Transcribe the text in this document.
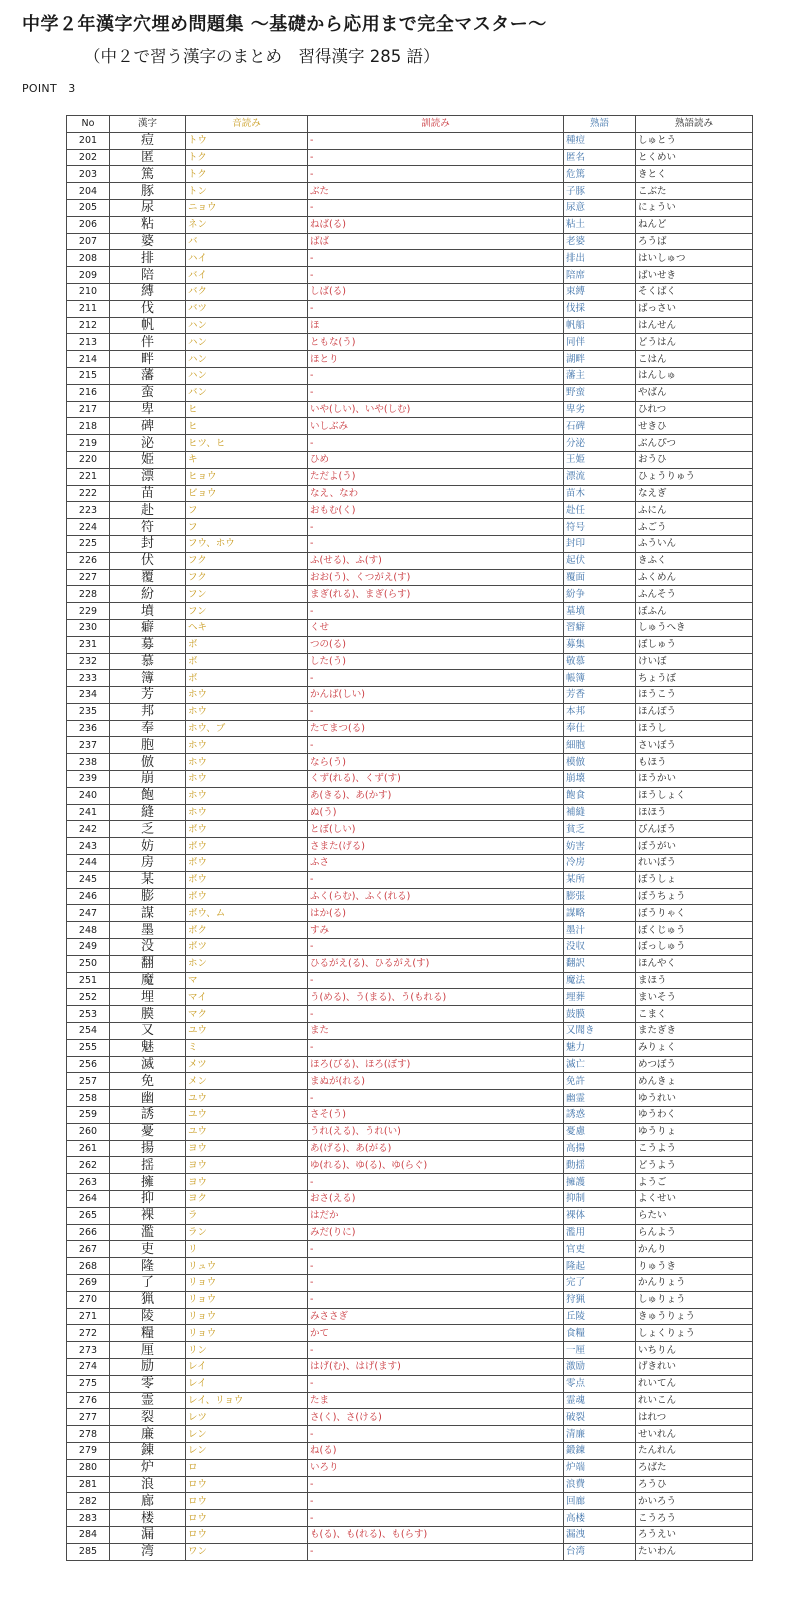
中学２年漢字穴埋め問題集 〜基礎から応用まで完全マスター〜
（中２で習う漢字のまとめ　習得漢字 285 語）
POINT　3
No	漢字	音読み	訓読み	熟語	熟語読み
201	痘	トウ	-	種痘	しゅとう
202	匿	トク	-	匿名	とくめい
203	篤	トク	-	危篤	きとく
204	豚	トン	ぶた	子豚	こぶた
205	尿	ニョウ	-	尿意	にょうい
206	粘	ネン	ねば(る)	粘土	ねんど
207	婆	バ	ばば	老婆	ろうば
208	排	ハイ	-	排出	はいしゅつ
209	陪	バイ	-	陪席	ばいせき
210	縛	バク	しば(る)	束縛	そくばく
211	伐	バツ	-	伐採	ばっさい
212	帆	ハン	ほ	帆船	はんせん
213	伴	ハン	ともな(う)	同伴	どうはん
214	畔	ハン	ほとり	湖畔	こはん
215	藩	ハン	-	藩主	はんしゅ
216	蛮	バン	-	野蛮	やばん
217	卑	ヒ	いや(しい)、いや(しむ)	卑劣	ひれつ
218	碑	ヒ	いしぶみ	石碑	せきひ
219	泌	ヒツ、ヒ	-	分泌	ぶんぴつ
220	姫	キ	ひめ	王姫	おうひ
221	漂	ヒョウ	ただよ(う)	漂流	ひょうりゅう
222	苗	ビョウ	なえ、なわ	苗木	なえぎ
223	赴	フ	おもむ(く)	赴任	ふにん
224	符	フ	-	符号	ふごう
225	封	フウ、ホウ	-	封印	ふういん
226	伏	フク	ふ(せる)、ふ(す)	起伏	きふく
227	覆	フク	おお(う)、くつがえ(す)	覆面	ふくめん
228	紛	フン	まぎ(れる)、まぎ(らす)	紛争	ふんそう
229	墳	フン	-	墓墳	ぼふん
230	癖	ヘキ	くせ	習癖	しゅうへき
231	募	ボ	つの(る)	募集	ぼしゅう
232	慕	ボ	した(う)	敬慕	けいぼ
233	簿	ボ	-	帳簿	ちょうぼ
234	芳	ホウ	かんば(しい)	芳香	ほうこう
235	邦	ホウ	-	本邦	ほんぽう
236	奉	ホウ、ブ	たてまつ(る)	奉仕	ほうし
237	胞	ホウ	-	細胞	さいぼう
238	倣	ホウ	なら(う)	模倣	もほう
239	崩	ホウ	くず(れる)、くず(す)	崩壊	ほうかい
240	飽	ホウ	あ(きる)、あ(かす)	飽食	ほうしょく
241	縫	ホウ	ぬ(う)	補縫	ほほう
242	乏	ボウ	とぼ(しい)	貧乏	びんぼう
243	妨	ボウ	さまた(げる)	妨害	ぼうがい
244	房	ボウ	ふさ	冷房	れいぼう
245	某	ボウ	-	某所	ぼうしょ
246	膨	ボウ	ふく(らむ)、ふく(れる)	膨張	ぼうちょう
247	謀	ボウ、ム	はか(る)	謀略	ぼうりゃく
248	墨	ボク	すみ	墨汁	ぼくじゅう
249	没	ボツ	-	没収	ぼっしゅう
250	翻	ホン	ひるがえ(る)、ひるがえ(す)	翻訳	ほんやく
251	魔	マ	-	魔法	まほう
252	埋	マイ	う(める)、う(まる)、う(もれる)	埋葬	まいそう
253	膜	マク	-	鼓膜	こまく
254	又	ユウ	また	又聞き	またぎき
255	魅	ミ	-	魅力	みりょく
256	滅	メツ	ほろ(びる)、ほろ(ぼす)	滅亡	めつぼう
257	免	メン	まぬが(れる)	免許	めんきょ
258	幽	ユウ	-	幽霊	ゆうれい
259	誘	ユウ	さそ(う)	誘惑	ゆうわく
260	憂	ユウ	うれ(える)、うれ(い)	憂慮	ゆうりょ
261	揚	ヨウ	あ(げる)、あ(がる)	高揚	こうよう
262	揺	ヨウ	ゆ(れる)、ゆ(る)、ゆ(らぐ)	動揺	どうよう
263	擁	ヨウ	-	擁護	ようご
264	抑	ヨク	おさ(える)	抑制	よくせい
265	裸	ラ	はだか	裸体	らたい
266	濫	ラン	みだ(りに)	濫用	らんよう
267	吏	リ	-	官吏	かんり
268	隆	リュウ	-	隆起	りゅうき
269	了	リョウ	-	完了	かんりょう
270	猟	リョウ	-	狩猟	しゅりょう
271	陵	リョウ	みささぎ	丘陵	きゅうりょう
272	糧	リョウ	かて	食糧	しょくりょう
273	厘	リン	-	一厘	いちりん
274	励	レイ	はげ(む)、はげ(ます)	激励	げきれい
275	零	レイ	-	零点	れいてん
276	霊	レイ、リョウ	たま	霊魂	れいこん
277	裂	レツ	さ(く)、さ(ける)	破裂	はれつ
278	廉	レン	-	清廉	せいれん
279	錬	レン	ね(る)	鍛錬	たんれん
280	炉	ロ	いろり	炉端	ろばた
281	浪	ロウ	-	浪費	ろうひ
282	廊	ロウ	-	回廊	かいろう
283	楼	ロウ	-	高楼	こうろう
284	漏	ロウ	も(る)、も(れる)、も(らす)	漏洩	ろうえい
285	湾	ワン	-	台湾	たいわん
